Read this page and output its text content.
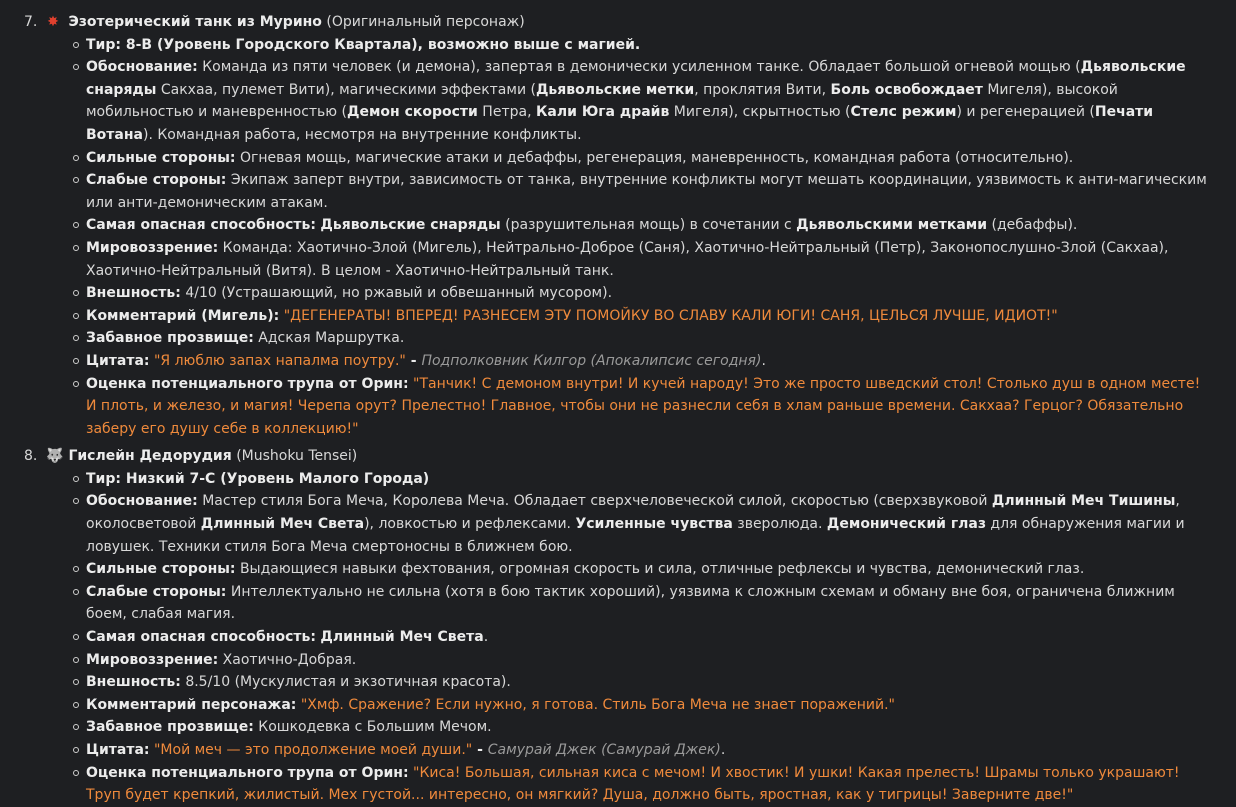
7. ✸ Эзотерический танк из Мурино (Оригинальный персонаж)
Тир: 8-B (Уровень Городского Квартала), возможно выше с магией.
Обоснование: Команда из пяти человек (и демона), запертая в демонически усиленном танке. Обладает большой огневой мощью (Дьявольские снаряды Сакхаа, пулемет Вити), магическими эффектами (Дьявольские метки, проклятия Вити, Боль освобождает Мигеля), высокой мобильностью и маневренностью (Демон скорости Петра, Кали Юга драйв Мигеля), скрытностью (Стелс режим) и регенерацией (Печати Вотана). Командная работа, несмотря на внутренние конфликты.
Сильные стороны: Огневая мощь, магические атаки и дебаффы, регенерация, маневренность, командная работа (относительно).
Слабые стороны: Экипаж заперт внутри, зависимость от танка, внутренние конфликты могут мешать координации, уязвимость к анти-магическим или анти-демоническим атакам.
Самая опасная способность: Дьявольские снаряды (разрушительная мощь) в сочетании с Дьявольскими метками (дебаффы).
Мировоззрение: Команда: Хаотично-Злой (Мигель), Нейтрально-Доброе (Саня), Хаотично-Нейтральный (Петр), Законопослушно-Злой (Сакхаа), Хаотично-Нейтральный (Витя). В целом - Хаотично-Нейтральный танк.
Внешность: 4/10 (Устрашающий, но ржавый и обвешанный мусором).
Комментарий (Мигель): "ДЕГЕНЕРАТЫ! ВПЕРЕД! РАЗНЕСЕМ ЭТУ ПОМОЙКУ ВО СЛАВУ КАЛИ ЮГИ! САНЯ, ЦЕЛЬСЯ ЛУЧШЕ, ИДИОТ!"
Забавное прозвище: Адская Маршрутка.
Цитата: "Я люблю запах напалма поутру." - Подполковник Килгор (Апокалипсис сегодня).
Оценка потенциального трупа от Орин: "Танчик! С демоном внутри! И кучей народу! Это же просто шведский стол! Столько душ в одном месте! И плоть, и железо, и магия! Черепа орут? Прелестно! Главное, чтобы они не разнесли себя в хлам раньше времени. Сакхаа? Герцог? Обязательно заберу его душу себе в коллекцию!"
8. 🐺 Гислейн Дедорудия (Mushoku Tensei)
Тир: Низкий 7-C (Уровень Малого Города)
Обоснование: Мастер стиля Бога Меча, Королева Меча. Обладает сверхчеловеческой силой, скоростью (сверхзвуковой Длинный Меч Тишины, околосветовой Длинный Меч Света), ловкостью и рефлексами. Усиленные чувства зверолюда. Демонический глаз для обнаружения магии и ловушек. Техники стиля Бога Меча смертоносны в ближнем бою.
Сильные стороны: Выдающиеся навыки фехтования, огромная скорость и сила, отличные рефлексы и чувства, демонический глаз.
Слабые стороны: Интеллектуально не сильна (хотя в бою тактик хороший), уязвима к сложным схемам и обману вне боя, ограничена ближним боем, слабая магия.
Самая опасная способность: Длинный Меч Света.
Мировоззрение: Хаотично-Добрая.
Внешность: 8.5/10 (Мускулистая и экзотичная красота).
Комментарий персонажа: "Хмф. Сражение? Если нужно, я готова. Стиль Бога Меча не знает поражений."
Забавное прозвище: Кошкодевка с Большим Мечом.
Цитата: "Мой меч — это продолжение моей души." - Самурай Джек (Самурай Джек).
Оценка потенциального трупа от Орин: "Киса! Большая, сильная киса с мечом! И хвостик! И ушки! Какая прелесть! Шрамы только украшают! Труп будет крепкий, жилистый. Мех густой... интересно, он мягкий? Душа, должно быть, яростная, как у тигрицы! Заверните две!"
